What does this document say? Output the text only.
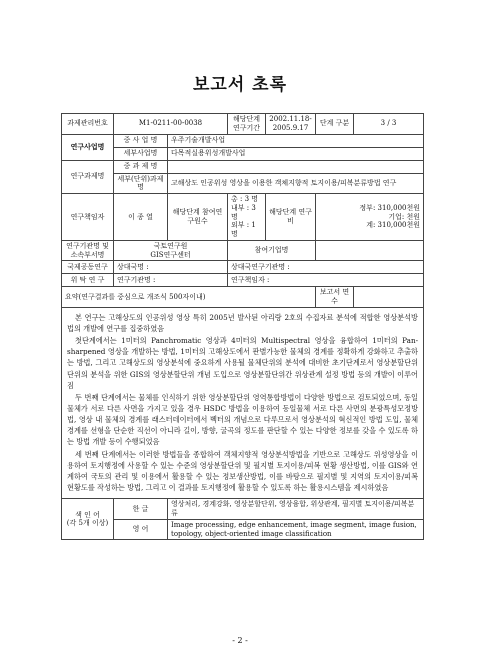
보고서 초록
과제관리번호	M1-0211-00-0038		해당단계 연구기간	2002.11.18- 2005.9.17	단계 구분	3 / 3
연구사업명	중 사 업 명	우주기술개발사업				
	세부사업명	다목적실용위성개발사업				
연구과제명	중 과 제 명					
	세부(단위)과제명	고해상도 인공위성 영상을 이용한 객체지향적 토지이용/피복분류방법 연구				
연구책임자	이 종 열	해당단계 참여연구원수	총 : 3 명
내부 : 3 명
외부 : 1 명	해당단계 연구비	정부: 310,000천원
기업: 천원
계: 310,000천원	

연구기관명 및 소속부서명	국토연구원
GIS연구센터		참여기업명			
국제공동연구	상대국명 :		상대국연구기관명 :			
위 탁 연 구	연구기관명 :		연구책임자 :			
요약(연구결과를 중심으로 개조식 500자이내)					보고서 면수	

본 연구는 고해상도의 인공위성 영상 특히 2005년 발사된 아리랑 2호의 수집자료 분석에 적합한 영상분석방법의 개발에 연구를 집중하였음

첫단계에서는 1미터의 Panchromatic 영상과 4미터의 Multispectral 영상을 융합하여 1미터의 Pan-sharpened 영상을 개발하는 방법, 1미터의 고해상도에서 판별가능한 물체의 경계를 정확하게 강화하고 추출하는 방법, 그리고 고해상도의 영상분석에 중요하게 사용될 물체단위의 분석에 대비한 초기단계로서 영상분할단위 단위의 분석을 위한 GIS의 영상분할단위 개념 도입으로 영상분할단위간 위상관계 설정 방법 등의 개발이 이루어짐

두 번째 단계에서는 물체를 인식하기 위한 영상분할단위 영역통합방법이 다양한 방법으로 검토되었으며, 동일물체가 서로 다른 사면을 가지고 있을 경우 HSDC 방법을 이용하여 동일물체 서로 다른 사면의 분광특성모정방법, 영상 내 물체의 경계를 래스터데이터에서 벡터의 개념으로 다루므로서 영상분석의 혁신적인 방법 도입, 물체경계를 선형을 단순한 직선이 아니라 길이, 방향, 굴곡의 정도를 판단할 수 있는 다양한 정보를 갖을 수 있도록 하는 방법 개발 등이 수행되었음

세 번째 단계에서는 이러한 방법들을 종합하여 객체지향적 영상분석방법을 기반으로 고해상도 위성영상을 이용하여 토지행정에 사용할 수 있는 수준의 영상분할단위 및 필지별 토지이용/피복 현황 생산방법, 이를 GIS와 연계하여 국토의 관리 및 이용에서 활용할 수 있는 정보생산방법, 이를 바탕으로 필지별 및 지역의 토지이용/피복 현황도를 작성하는 방법, 그리고 이 결과를 토지행정에 활용할 수 있도록 하는 활용시스템을 제시하였음						

색 인 어
(각 5개 이상)	한 글	영상처리, 경계강화, 영상분할단위, 영상융합, 위상관계, 필지별 토지이용/피복분류				
	영 어	Image processing, edge enhancement, image segment, image fusion, topology, object-oriented image classification				
- 2 -
